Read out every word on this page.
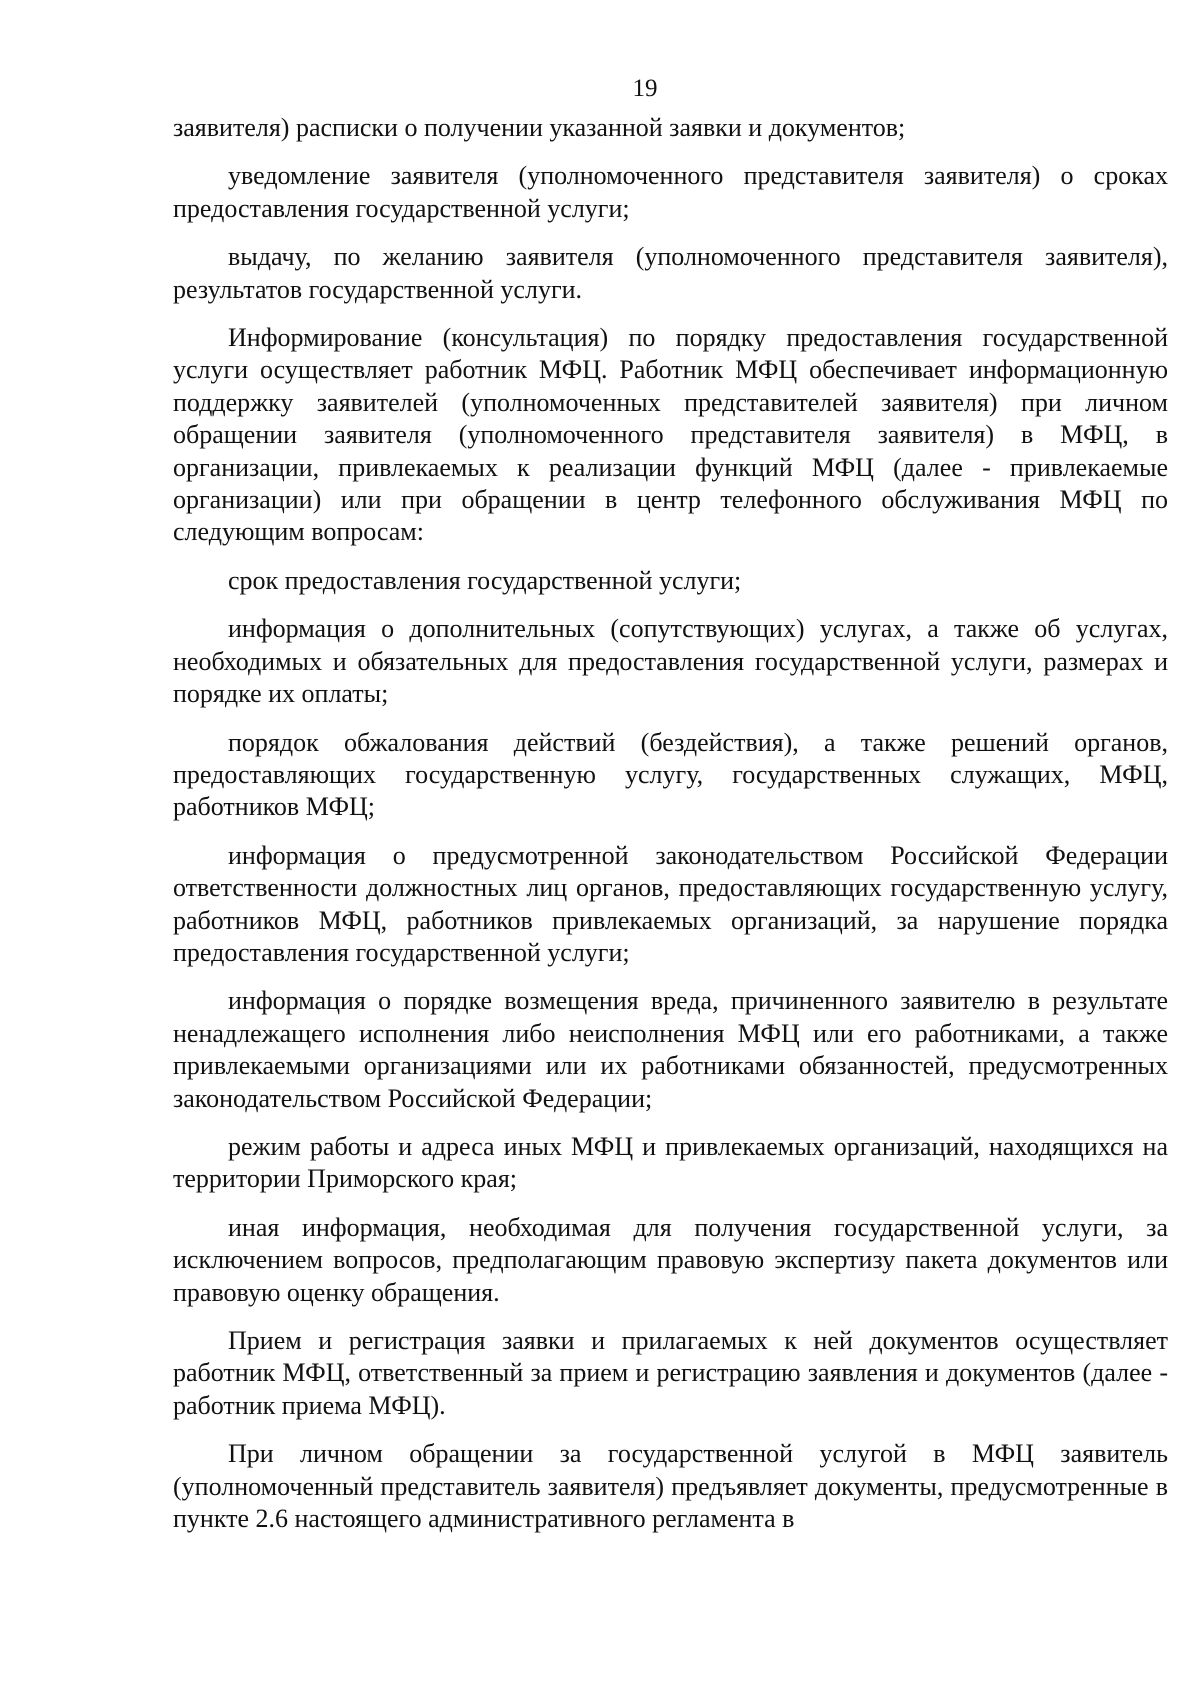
19

заявителя) расписки о получении указанной заявки и документов;

уведомление заявителя (уполномоченного представителя заявителя) о сроках предоставления государственной услуги;

выдачу, по желанию заявителя (уполномоченного представителя заявителя), результатов государственной услуги.

Информирование (консультация) по порядку предоставления государственной услуги осуществляет работник МФЦ. Работник МФЦ обеспечивает информационную поддержку заявителей (уполномоченных представителей заявителя) при личном обращении заявителя (уполномоченного представителя заявителя) в МФЦ, в организации, привлекаемых к реализации функций МФЦ (далее - привлекаемые организации) или при обращении в центр телефонного обслуживания МФЦ по следующим вопросам:

срок предоставления государственной услуги;

информация о дополнительных (сопутствующих) услугах, а также об услугах, необходимых и обязательных для предоставления государственной услуги, размерах и порядке их оплаты;

порядок обжалования действий (бездействия), а также решений органов, предоставляющих государственную услугу, государственных служащих, МФЦ, работников МФЦ;

информация о предусмотренной законодательством Российской Федерации ответственности должностных лиц органов, предоставляющих государственную услугу, работников МФЦ, работников привлекаемых организаций, за нарушение порядка предоставления государственной услуги;

информация о порядке возмещения вреда, причиненного заявителю в результате ненадлежащего исполнения либо неисполнения МФЦ или его работниками, а также привлекаемыми организациями или их работниками обязанностей, предусмотренных законодательством Российской Федерации;

режим работы и адреса иных МФЦ и привлекаемых организаций, находящихся на территории Приморского края;

иная информация, необходимая для получения государственной услуги, за исключением вопросов, предполагающим правовую экспертизу пакета документов или правовую оценку обращения.

Прием и регистрация заявки и прилагаемых к ней документов осуществляет работник МФЦ, ответственный за прием и регистрацию заявления и документов (далее - работник приема МФЦ).

При личном обращении за государственной услугой в МФЦ заявитель (уполномоченный представитель заявителя) предъявляет документы, предусмотренные в пункте 2.6 настоящего административного регламента в
